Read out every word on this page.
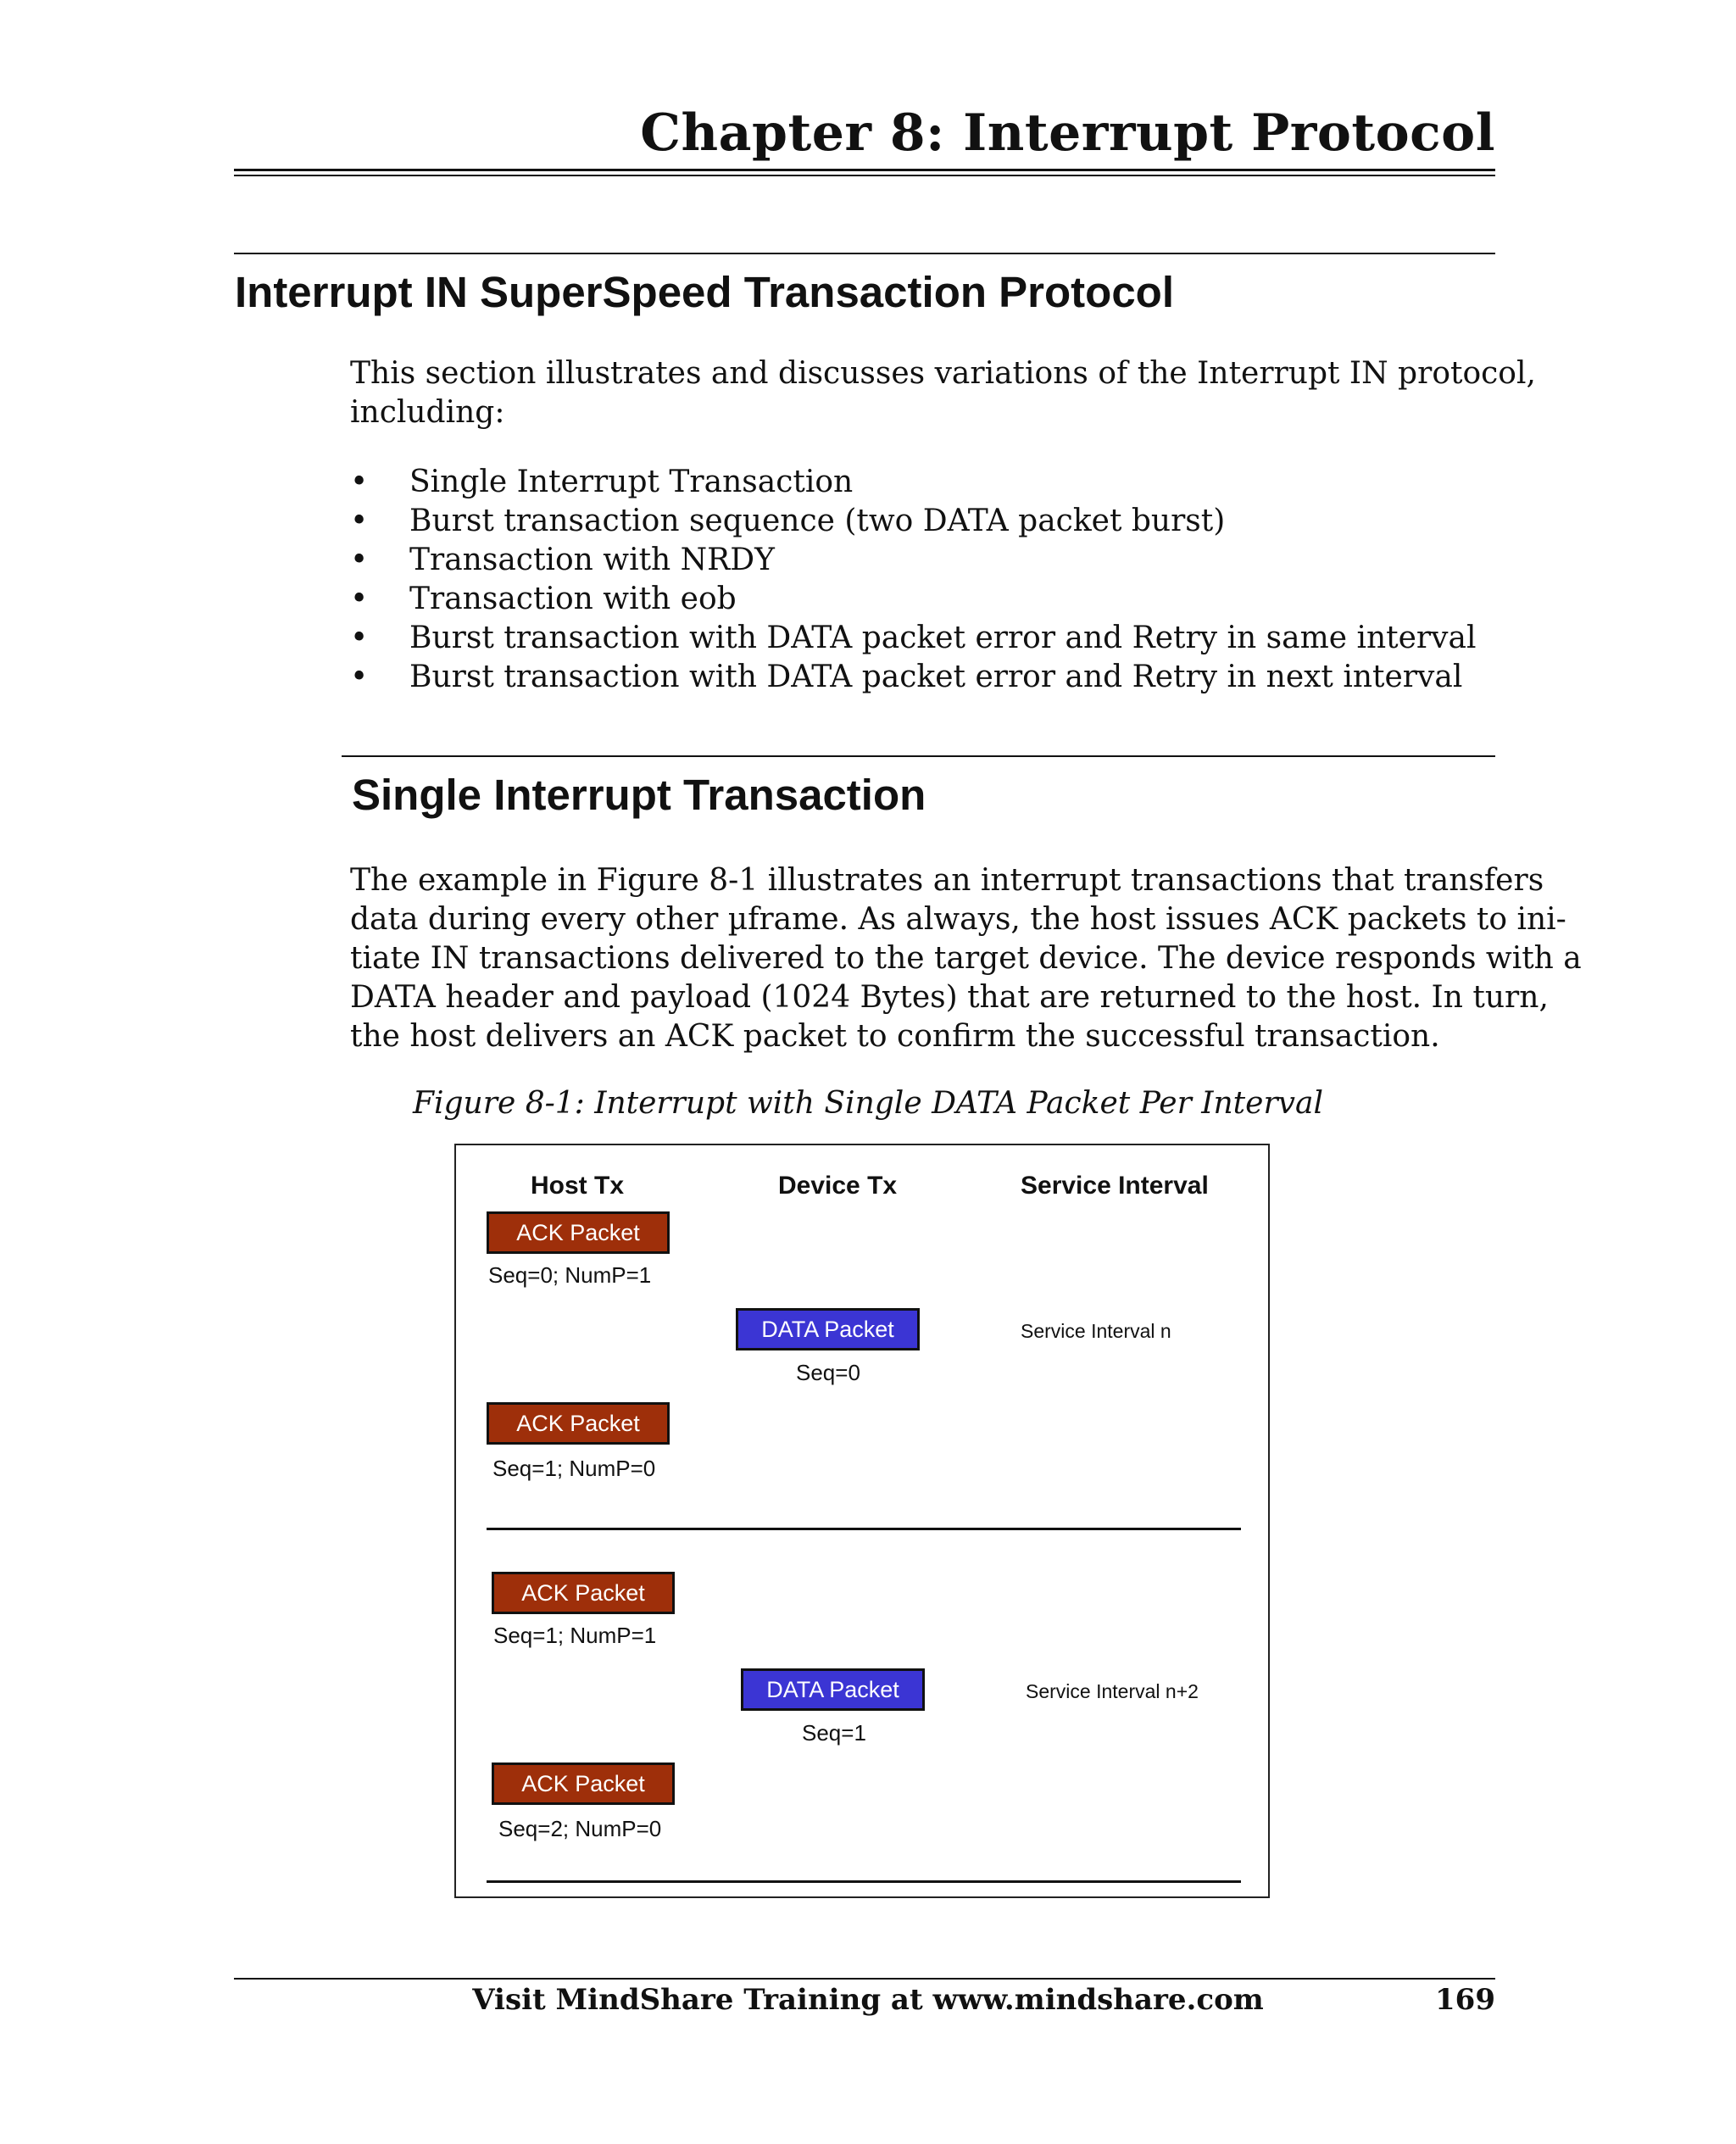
Chapter 8: Interrupt Protocol
Interrupt IN SuperSpeed Transaction Protocol
This section illustrates and discusses variations of the Interrupt IN protocol,
including:
• Single Interrupt Transaction
• Burst transaction sequence (two DATA packet burst)
• Transaction with NRDY
• Transaction with eob
• Burst transaction with DATA packet error and Retry in same interval
• Burst transaction with DATA packet error and Retry in next interval
Single Interrupt Transaction
The example in Figure 8-1 illustrates an interrupt transactions that transfers
data during every other µframe. As always, the host issues ACK packets to ini-
tiate IN transactions delivered to the target device. The device responds with a
DATA header and payload (1024 Bytes) that are returned to the host. In turn,
the host delivers an ACK packet to confirm the successful transaction.
Figure 8-1: Interrupt with Single DATA Packet Per Interval
Host Tx	Device Tx	Service Interval
ACK Packet
Seq=0; NumP=1
DATA Packet
Seq=0
Service Interval n
ACK Packet
Seq=1; NumP=0
ACK Packet
Seq=1; NumP=1
DATA Packet
Seq=1
Service Interval n+2
ACK Packet
Seq=2; NumP=0
Visit MindShare Training at www.mindshare.com	169
